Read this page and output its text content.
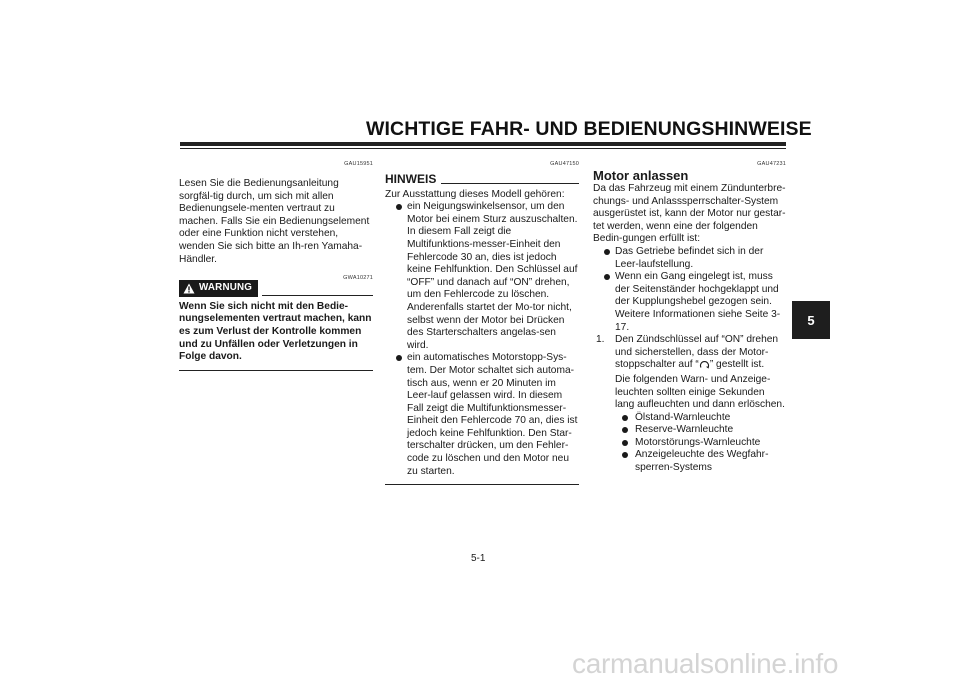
WICHTIGE FAHR- UND BEDIENUNGSHINWEISE
5
GAU15951

Lesen Sie die Bedienungsanleitung sorgfäl-tig durch, um sich mit allen Bedienungsele-menten vertraut zu machen. Falls Sie ein Bedienungselement oder eine Funktion nicht verstehen, wenden Sie sich bitte an Ih-ren Yamaha-Händler.

GWA10271
WARNUNG

Wenn Sie sich nicht mit den Bedie-nungselementen vertraut machen, kann es zum Verlust der Kontrolle kommen und zu Unfällen oder Verletzungen in Folge davon.

GAU47150
HINWEIS

Zur Ausstattung dieses Modell gehören:

ein Neigungswinkelsensor, um den Motor bei einem Sturz auszuschalten. In diesem Fall zeigt die Multifunktions-messer-Einheit den Fehlercode 30 an, dies ist jedoch keine Fehlfunktion. Den Schlüssel auf “OFF” und danach auf “ON” drehen, um den Fehlercode zu löschen. Anderenfalls startet der Mo-tor nicht, selbst wenn der Motor bei Drücken des Starterschalters angelas-sen wird.
ein automatisches Motorstopp-Sys-tem. Der Motor schaltet sich automa-tisch aus, wenn er 20 Minuten im Leer-lauf gelassen wird. In diesem Fall zeigt die Multifunktionsmesser-Einheit den Fehlercode 70 an, dies ist jedoch keine Fehlfunktion. Den Star-terschalter drücken, um den Fehler-code zu löschen und den Motor neu zu starten.
GAU47231
Motor anlassen

Da das Fahrzeug mit einem Zündunterbre-chungs- und Anlasssperrschalter-System ausgerüstet ist, kann der Motor nur gestar-tet werden, wenn eine der folgenden Bedin-gungen erfüllt ist:

Das Getriebe befindet sich in der Leer-laufstellung.
Wenn ein Gang eingelegt ist, muss der Seitenständer hochgeklappt und der Kupplungshebel gezogen sein. Weitere Informationen siehe Seite 3-17.
1. Den Zündschlüssel auf “ON” drehen und sicherstellen, dass der Motor-stoppschalter auf “ ” gestellt ist.
Die folgenden Warn- und Anzeige-leuchten sollten einige Sekunden lang aufleuchten und dann erlöschen.
Ölstand-Warnleuchte
Reserve-Warnleuchte
Motorstörungs-Warnleuchte
Anzeigeleuchte des Wegfahr-sperren-Systems
5-1
carmanualsonline.info
